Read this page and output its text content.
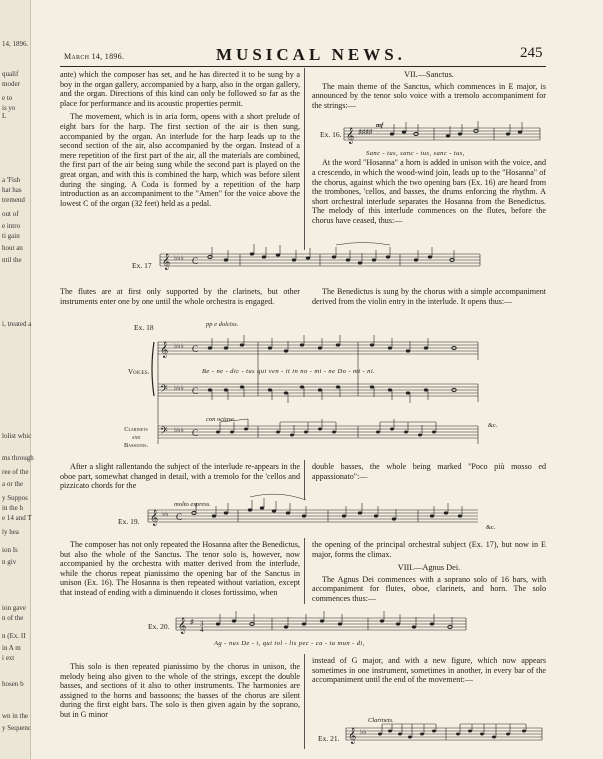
14, 1896.
qualif
moder
e to
is yo
L
a 'Fish
hat has
tremend
out of
e intro
ti gain
hout an
ntil the
i, treated a
lolist whic
ms through
ree of the
a or the
y Suppos
in the h
e 14 and T
ly hea
ion Is
n giv
ion gave
n of the
n (Ex. II
in A m
i ext
hosen b
wn in the
y Sequenc
March 14, 1896.	MUSICAL NEWS.	245

ante) which the composer has set, and he has directed it to be sung by a boy in the organ gallery, accompanied by a harp, also in the organ gallery, and the organ. Directions of this kind can only be followed so far as the place for performance and its acoustic properties permit.

The movement, which is in aria form, opens with a short prelude of eight bars for the harp. The first section of the air is then sung, accompanied by the organ. An interlude for the harp leads up to the second section of the air, also accompanied by the organ. Instead of a mere repetition of the first part of the air, all the materials are combined, the first part of the air being sung while the second part is played on the great organ, and with this is combined the harp, which was before silent during the singing. A Coda is formed by a repetition of the harp introduction as an accompaniment to the "Amen" for the voice above the lowest C of the organ (32 feet) held as a pedal.

VII.—Sanctus.

The main theme of the Sanctus, which commences in E major, is announced by the tenor solo voice with a tremolo accompaniment for the strings:—

At the word "Hosanna" a horn is added in unison with the voice, and a crescendo, in which the wood-wind join, leads up to the "Hosanna" of the chorus, against which the two opening bars (Ex. 16) are heard from the trombones, 'cellos, and basses, the drums enforcing the rhythm. A short orchestral interlude separates the Hosanna from the Benedictus. The melody of this interlude commences on the flutes, before the chorus have ceased, thus:—

Ex. 16.
mf
𝄞 ♯♯♯♯
Sanc - tus, sanc - tus, sanc - tus,
Ex. 17 𝄞 ♭♭♭ C

The flutes are at first only supported by the clarinets, but other instruments enter one by one until the whole orchestra is engaged.

The Benedictus is sung by the chorus with a simple accompaniment derived from the violin entry in the interlude. It opens thus:—

Ex. 18	pp e dolciss.
Voices.
𝄞
𝄢
𝄢
♭♭♭
♭♭♭
♭♭♭
C
C
C
Be - ne - dic - tus qui ven - it in no - mi - ne Do - mi - ni.
con octave.
Clarinets
and
Bassoons.
&c.

After a slight rallentando the subject of the interlude re-appears in the oboe part, somewhat changed in detail, with a tremolo for the 'cellos and pizzicato chords for the

double basses, the whole being marked "Poco più mosso ed appassionato":—

Ex. 19.
molto espress.
𝄞 ♭♭ C
&c.

The composer has not only repeated the Hosanna after the Benedictus, but also the whole of the Sanctus. The tenor solo is, however, now accompanied by the orchestra with matter derived from the interlude, while the chorus repeat pianissimo the opening bar of the Sanctus in unison (Ex. 16). The Hosanna is then repeated without variation, except that instead of ending with a diminuendo it closes fortissimo, when

the opening of the principal orchestral subject (Ex. 17), but now in E major, forms the climax.

VIII.—Agnus Dei.

The Agnus Dei commences with a soprano solo of 16 bars, with accompaniment for flutes, oboe, clarinets, and horn. The solo commences thus:—

Ex. 20. 𝄞 ♯ 3
4
Ag - nus De - i, qui tol - lis pec - ca - ta mun - di,

This solo is then repeated pianissimo by the chorus in unison, the melody being also given to the whole of the strings, except the double basses, and sections of it also to other instruments. The harmonies are assigned to the horns and bassoons; the basses of the chorus are silent during the first eight bars. The solo is then given again by the soprano, but in G minor

instead of G major, and with a new figure, which now appears sometimes in one instrument, sometimes in another, in every bar of the accompaniment until the end of the movement:—

Ex. 21.
Clarinets.
𝄞 ♭♭
